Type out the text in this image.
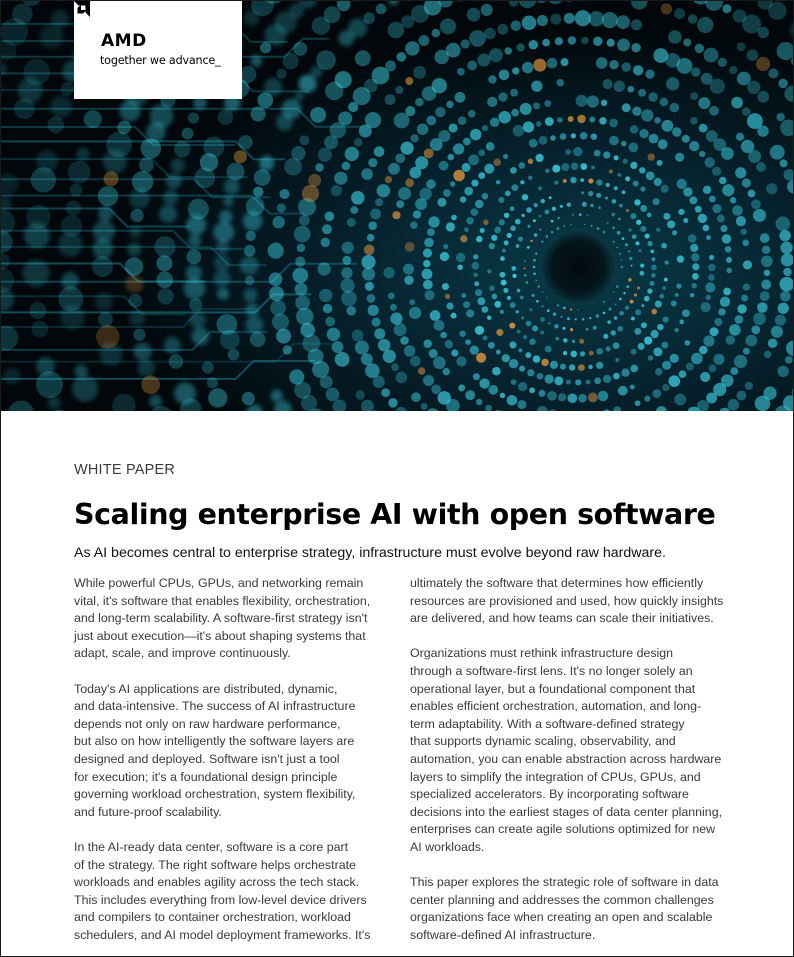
AMD
together we advance_
WHITE PAPER
Scaling enterprise AI with open software
As AI becomes central to enterprise strategy, infrastructure must evolve beyond raw hardware.

While powerful CPUs, GPUs, and networking remain
vital, it's software that enables flexibility, orchestration,
and long-term scalability. A software-first strategy isn't
just about execution—it's about shaping systems that
adapt, scale, and improve continuously.

Today's AI applications are distributed, dynamic,
and data-intensive. The success of AI infrastructure
depends not only on raw hardware performance,
but also on how intelligently the software layers are
designed and deployed. Software isn't just a tool
for execution; it's a foundational design principle
governing workload orchestration, system flexibility,
and future-proof scalability.

In the AI-ready data center, software is a core part
of the strategy. The right software helps orchestrate
workloads and enables agility across the tech stack.
This includes everything from low-level device drivers
and compilers to container orchestration, workload
schedulers, and AI model deployment frameworks. It's

ultimately the software that determines how efficiently
resources are provisioned and used, how quickly insights
are delivered, and how teams can scale their initiatives.

Organizations must rethink infrastructure design
through a software-first lens. It's no longer solely an
operational layer, but a foundational component that
enables efficient orchestration, automation, and long-
term adaptability. With a software-defined strategy
that supports dynamic scaling, observability, and
automation, you can enable abstraction across hardware
layers to simplify the integration of CPUs, GPUs, and
specialized accelerators. By incorporating software
decisions into the earliest stages of data center planning,
enterprises can create agile solutions optimized for new
AI workloads.

This paper explores the strategic role of software in data
center planning and addresses the common challenges
organizations face when creating an open and scalable
software-defined AI infrastructure.
